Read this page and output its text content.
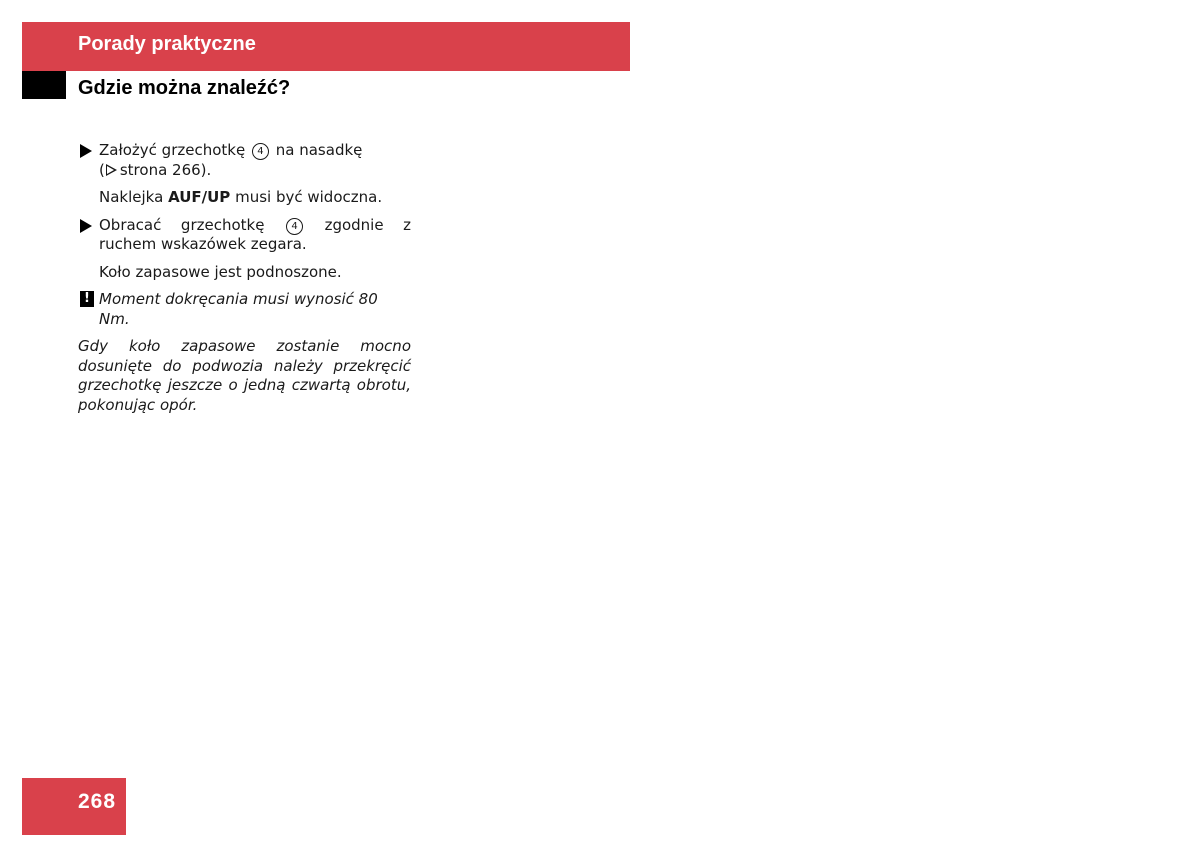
Porady praktyczne
Gdzie można znaleźć?
Założyć grzechotkę 4 na nasadkę
( strona 266).
Naklejka AUF/UP musi być widoczna.
Obracać grzechotkę	4 zgodnie z ruchem wskazówek zegara.
Koło zapasowe jest podnoszone.
! Moment dokręcania musi wynosić 80 Nm.
Gdy koło zapasowe zostanie mocno dosunięte do podwozia należy przekręcić grzechotkę jeszcze o jedną czwartą obrotu, pokonując opór.
268
